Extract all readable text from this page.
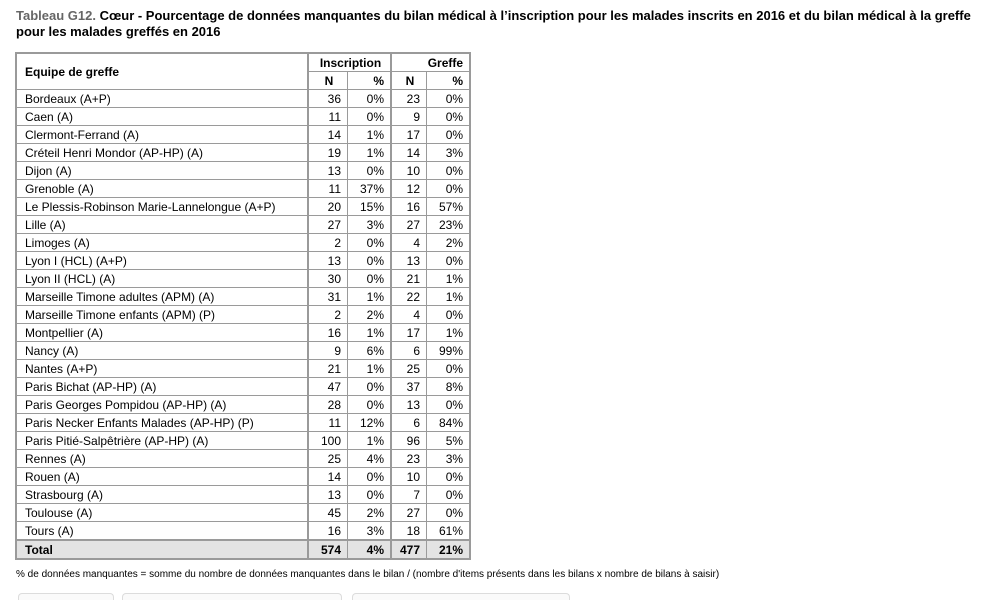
Tableau G12. Cœur - Pourcentage de données manquantes du bilan médical à l’inscription pour les malades inscrits en 2016 et du bilan médical à la greffe pour les malades greffés en 2016
Equipe de greffe	Inscription		Greffe	
	N	%	N	%
Bordeaux (A+P)	36	0%	23	0%
Caen (A)	11	0%	9	0%
Clermont-Ferrand (A)	14	1%	17	0%
Créteil Henri Mondor (AP-HP) (A)	19	1%	14	3%
Dijon (A)	13	0%	10	0%
Grenoble (A)	11	37%	12	0%
Le Plessis-Robinson Marie-Lannelongue (A+P)	20	15%	16	57%
Lille (A)	27	3%	27	23%
Limoges (A)	2	0%	4	2%
Lyon I (HCL) (A+P)	13	0%	13	0%
Lyon II (HCL) (A)	30	0%	21	1%
Marseille Timone adultes (APM) (A)	31	1%	22	1%
Marseille Timone enfants (APM) (P)	2	2%	4	0%
Montpellier (A)	16	1%	17	1%
Nancy (A)	9	6%	6	99%
Nantes (A+P)	21	1%	25	0%
Paris Bichat (AP-HP) (A)	47	0%	37	8%
Paris Georges Pompidou (AP-HP) (A)	28	0%	13	0%
Paris Necker Enfants Malades (AP-HP) (P)	11	12%	6	84%
Paris Pitié-Salpêtrière (AP-HP) (A)	100	1%	96	5%
Rennes (A)	25	4%	23	3%
Rouen (A)	14	0%	10	0%
Strasbourg (A)	13	0%	7	0%
Toulouse (A)	45	2%	27	0%
Tours (A)	16	3%	18	61%
Total	574	4%	477	21%
% de données manquantes = somme du nombre de données manquantes dans le bilan / (nombre d'items présents dans les bilans x nombre de bilans à saisir)
